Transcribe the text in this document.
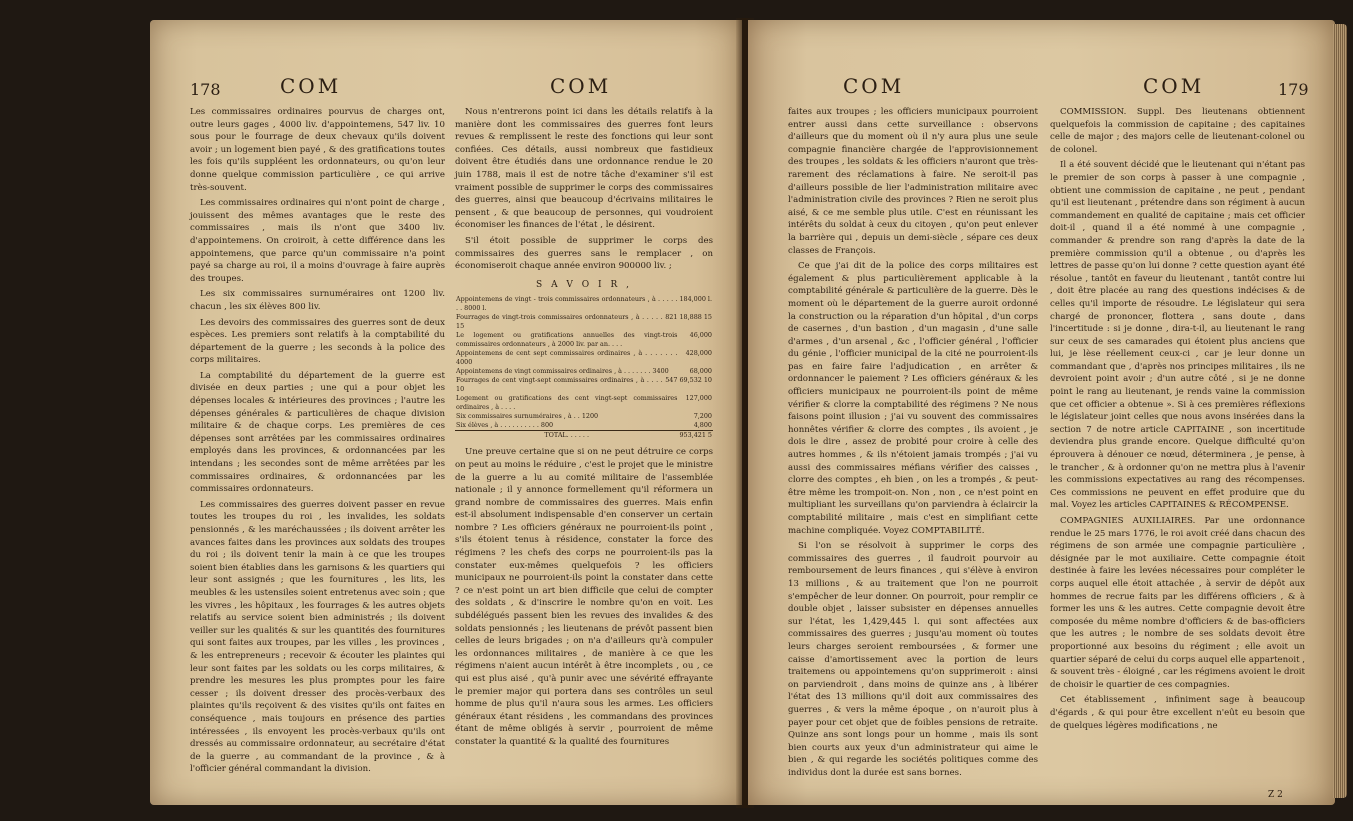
178	COM	COM

Les commissaires ordinaires pourvus de charges ont, outre leurs gages , 4000 liv. d'appointemens, 547 liv. 10 sous pour le fourrage de deux chevaux qu'ils doivent avoir ; un logement bien payé , & des gratifications toutes les fois qu'ils suppléent les ordonnateurs, ou qu'on leur donne quelque commission particulière , ce qui arrive très-souvent.

Les commissaires ordinaires qui n'ont point de charge , jouissent des mêmes avantages que le reste des commissaires , mais ils n'ont que 3400 liv. d'appointemens. On croiroit, à cette différence dans les appointemens, que parce qu'un commissaire n'a point payé sa charge au roi, il a moins d'ouvrage à faire auprès des troupes.

Les six commissaires surnuméraires ont 1200 liv. chacun , les six élèves 800 liv.

Les devoirs des commissaires des guerres sont de deux espèces. Les premiers sont relatifs à la comptabilité du département de la guerre ; les seconds à la police des corps militaires.

La comptabilité du département de la guerre est divisée en deux parties ; une qui a pour objet les dépenses locales & intérieures des provinces ; l'autre les dépenses générales & particulières de chaque division militaire & de chaque corps. Les premières de ces dépenses sont arrêtées par les commissaires ordinaires employés dans les provinces, & ordonnancées par les intendans ; les secondes sont de même arrêtées par les commissaires ordinaires, & ordonnancées par les commissaires ordonnateurs.

Les commissaires des guerres doivent passer en revue toutes les troupes du roi , les invalides, les soldats pensionnés , & les maréchaussées ; ils doivent arrêter les avances faites dans les provinces aux soldats des troupes du roi ; ils doivent tenir la main à ce que les troupes soient bien établies dans les garnisons & les quartiers qui leur sont assignés ; que les fournitures , les lits, les meubles & les ustensiles soient entretenus avec soin ; que les vivres , les hôpitaux , les fourrages & les autres objets relatifs au service soient bien administrés ; ils doivent veiller sur les qualités & sur les quantités des fournitures qui sont faites aux troupes, par les villes , les provinces , & les entrepreneurs ; recevoir & écouter les plaintes qui leur sont faites par les soldats ou les corps militaires, & prendre les mesures les plus promptes pour les faire cesser ; ils doivent dresser des procès-verbaux des plaintes qu'ils reçoivent & des visites qu'ils ont faites en conséquence , mais toujours en présence des parties intéressées , ils envoyent les procès-verbaux qu'ils ont dressés au commissaire ordonnateur, au secrétaire d'état de la guerre , au commandant de la province , & à l'officier général commandant la division.

Nous n'entrerons point ici dans les détails relatifs à la manière dont les commissaires des guerres font leurs revues & remplissent le reste des fonctions qui leur sont confiées. Ces détails, aussi nombreux que fastidieux doivent être étudiés dans une ordonnance rendue le 20 juin 1788, mais il est de notre tâche d'examiner s'il est vraiment possible de supprimer le corps des commissaires des guerres, ainsi que beaucoup d'écrivains militaires le pensent , & que beaucoup de personnes, qui voudroient économiser les finances de l'état , le désirent.

S'il étoit possible de supprimer le corps des commissaires des guerres sans le remplacer , on économiseroit chaque année environ 900000 liv. ;

S A V O I R ,
Appointemens de vingt - trois commissaires ordonnateurs , à . . . . . . . 8000 l.	184,000 l.
Fourrages de vingt-trois commissaires ordonnateurs , à . . . . . 821 15	18,888 15
Le logement ou gratifications annuelles des vingt-trois commissaires ordonnateurs , à 2000 liv. par an. . . .	46,000
Appointemens de cent sept commissaires ordinaires , à . . . . . . . 4000	428,000
Appointemens de vingt commissaires ordinaires , à . . . . . . . 3400	68,000
Fourrages de cent vingt-sept commissaires ordinaires , à . . . . 547 10	69,532 10
Logement ou gratifications des cent vingt-sept commissaires ordinaires , à . . . .	127,000
Six commissaires surnuméraires , à . . 1200	7,200
Six élèves , à . . . . . . . . . . 800	4,800
TOTAL. . . . . .	953,421 5

Une preuve certaine que si on ne peut détruire ce corps on peut au moins le réduire , c'est le projet que le ministre de la guerre a lu au comité militaire de l'assemblée nationale ; il y annonce formellement qu'il réformera un grand nombre de commissaires des guerres. Mais enfin est-il absolument indispensable d'en conserver un certain nombre ? Les officiers généraux ne pourroient-ils point , s'ils étoient tenus à résidence, constater la force des régimens ? les chefs des corps ne pourroient-ils pas la constater eux-mêmes quelquefois ? les officiers municipaux ne pourroient-ils point la constater dans cette ? ce n'est point un art bien difficile que celui de compter des soldats , & d'inscrire le nombre qu'on en voit. Les subdélégués passent bien les revues des invalides & des soldats pensionnés ; les lieutenans de prévôt passent bien celles de leurs brigades ; on n'a d'ailleurs qu'à compuler les ordonnances militaires , de manière à ce que les régimens n'aient aucun intérêt à être incomplets , ou , ce qui est plus aisé , qu'à punir avec une sévérité effrayante le premier major qui portera dans ses contrôles un seul homme de plus qu'il n'aura sous les armes. Les officiers généraux étant résidens , les commandans des provinces étant de même obligés à servir , pourroient de même constater la quantité & la qualité des fournitures

COM	COM	179

faites aux troupes ; les officiers municipaux pourroient entrer aussi dans cette surveillance : observons d'ailleurs que du moment où il n'y aura plus une seule compagnie financière chargée de l'approvisionnement des troupes , les soldats & les officiers n'auront que très-rarement des réclamations à faire. Ne seroit-il pas d'ailleurs possible de lier l'administration militaire avec l'administration civile des provinces ? Rien ne seroit plus aisé, & ce me semble plus utile. C'est en réunissant les intérêts du soldat à ceux du citoyen , qu'on peut enlever la barrière qui , depuis un demi-siècle , sépare ces deux classes de François.

Ce que j'ai dit de la police des corps militaires est également & plus particulièrement applicable à la comptabilité générale & particulière de la guerre. Dès le moment où le département de la guerre auroit ordonné la construction ou la réparation d'un hôpital , d'un corps de casernes , d'un bastion , d'un magasin , d'une salle d'armes , d'un arsenal , &c , l'officier général , l'officier du génie , l'officier municipal de la cité ne pourroient-ils pas en faire faire l'adjudication , en arrêter & ordonnancer le paiement ? Les officiers généraux & les officiers municipaux ne pourroient-ils point de même vérifier & clorre la comptabilité des régimens ? Ne nous faisons point illusion ; j'ai vu souvent des commissaires honnêtes vérifier & clorre des comptes , ils avoient , je dois le dire , assez de probité pour croire à celle des autres hommes , & ils n'étoient jamais trompés ; j'ai vu aussi des commissaires méfians vérifier des caisses , clorre des comptes , eh bien , on les a trompés , & peut-être même les trompoit-on. Non , non , ce n'est point en multipliant les surveillans qu'on parviendra à éclaircir la comptabilité militaire , mais c'est en simplifiant cette machine compliquée. Voyez COMPTABILITÉ.

Si l'on se résolvoit à supprimer le corps des commissaires des guerres , il faudroit pourvoir au remboursement de leurs finances , qui s'élève à environ 13 millions , & au traitement que l'on ne pourroit s'empêcher de leur donner. On pourroit, pour remplir ce double objet , laisser subsister en dépenses annuelles sur l'état, les 1,429,445 l. qui sont affectées aux commissaires des guerres ; jusqu'au moment où toutes leurs charges seroient remboursées , & former une caisse d'amortissement avec la portion de leurs traitemens ou appointemens qu'on supprimeroit : ainsi on parviendroit , dans moins de quinze ans , à libérer l'état des 13 millions qu'il doit aux commissaires des guerres , & vers la même époque , on n'auroit plus à payer pour cet objet que de foibles pensions de retraite. Quinze ans sont longs pour un homme , mais ils sont bien courts aux yeux d'un administrateur qui aime le bien , & qui regarde les sociétés politiques comme des individus dont la durée est sans bornes.

COMMISSION. Suppl. Des lieutenans obtiennent quelquefois la commission de capitaine ; des capitaines celle de major ; des majors celle de lieutenant-colonel ou de colonel.

Il a été souvent décidé que le lieutenant qui n'étant pas le premier de son corps à passer à une compagnie , obtient une commission de capitaine , ne peut , pendant qu'il est lieutenant , prétendre dans son régiment à aucun commandement en qualité de capitaine ; mais cet officier doit-il , quand il a été nommé à une compagnie , commander & prendre son rang d'après la date de la première commission qu'il a obtenue , ou d'après les lettres de passe qu'on lui donne ? cette question ayant été résolue , tantôt en faveur du lieutenant , tantôt contre lui , doit être placée au rang des questions indécises & de celles qu'il importe de résoudre. Le législateur qui sera chargé de prononcer, flottera , sans doute , dans l'incertitude : si je donne , dira-t-il, au lieutenant le rang sur ceux de ses camarades qui étoient plus anciens que lui, je lèse réellement ceux-ci , car je leur donne un commandant que , d'après nos principes militaires , ils ne devroient point avoir ; d'un autre côté , si je ne donne point le rang au lieutenant, je rends vaine la commission que cet officier a obtenue ». Si à ces premières réflexions le législateur joint celles que nous avons insérées dans la section 7 de notre article CAPITAINE , son incertitude deviendra plus grande encore. Quelque difficulté qu'on éprouvera à dénouer ce nœud, déterminera , je pense, à le trancher , & à ordonner qu'on ne mettra plus à l'avenir les commissions expectatives au rang des récompenses. Ces commissions ne peuvent en effet produire que du mal. Voyez les articles CAPITAINES & RÉCOMPENSE.

COMPAGNIES AUXILIAIRES. Par une ordonnance rendue le 25 mars 1776, le roi avoit créé dans chacun des régimens de son armée une compagnie particulière , désignée par le mot auxiliaire. Cette compagnie étoit destinée à faire les levées nécessaires pour compléter le corps auquel elle étoit attachée , à servir de dépôt aux hommes de recrue faits par les différens officiers , & à former les uns & les autres. Cette compagnie devoit être composée du même nombre d'officiers & de bas-officiers que les autres ; le nombre de ses soldats devoit être proportionné aux besoins du régiment ; elle avoit un quartier séparé de celui du corps auquel elle appartenoit , & souvent très - éloigné , car les régimens avoient le droit de choisir le quartier de ces compagnies.

Cet établissement , infiniment sage à beaucoup d'égards , & qui pour être excellent n'eût eu besoin que de quelques légères modifications , ne

Z 2
